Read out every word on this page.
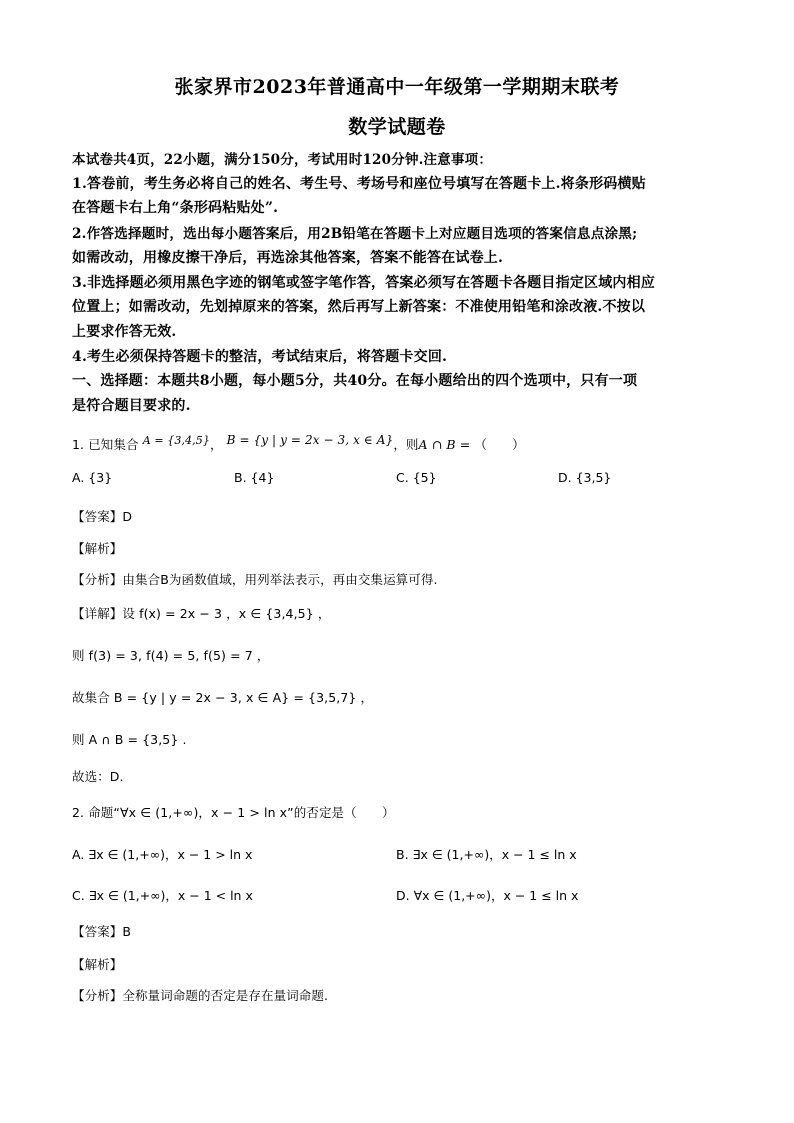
张家界市2023年普通高中一年级第一学期期末联考
数学试题卷
本试卷共4页，22小题，满分150分，考试用时120分钟.注意事项：
1.答卷前，考生务必将自己的姓名、考生号、考场号和座位号填写在答题卡上.将条形码横贴
在答题卡右上角“条形码粘贴处”.
2.作答选择题时，选出每小题答案后，用2B铅笔在答题卡上对应题目选项的答案信息点涂黑;
如需改动，用橡皮擦干净后，再选涂其他答案，答案不能答在试卷上.
3.非选择题必须用黑色字迹的钢笔或签字笔作答，答案必须写在答题卡各题目指定区域内相应
位置上；如需改动，先划掉原来的答案，然后再写上新答案：不准使用铅笔和涂改液.不按以
上要求作答无效.
4.考生必须保持答题卡的整洁，考试结束后，将答题卡交回.
一、选择题：本题共8小题，每小题5分，共40分。在每小题给出的四个选项中，只有一项
是符合题目要求的.
1. 已知集合 A = {3,4,5}， B = {y | y = 2x − 3, x ∈ A}，则A ∩ B = （　　）
A. {3}	B. {4}	C. {5}	D. {3,5}
【答案】D
【解析】
【分析】由集合B为函数值域，用列举法表示，再由交集运算可得.
【详解】设 f(x) = 2x − 3 ，x ∈ {3,4,5} ，
则 f(3) = 3, f(4) = 5, f(5) = 7 ，
故集合 B = {y | y = 2x − 3, x ∈ A} = {3,5,7} ，
则 A ∩ B = {3,5} .
故选：D.
2. 命题“∀x ∈ (1,+∞)，x − 1 > ln x”的否定是（　　）
A. ∃x ∈ (1,+∞)，x − 1 > ln x	B. ∃x ∈ (1,+∞)，x − 1 ≤ ln x
C. ∃x ∈ (1,+∞)，x − 1 < ln x	D. ∀x ∈ (1,+∞)，x − 1 ≤ ln x
【答案】B
【解析】
【分析】全称量词命题的否定是存在量词命题.
